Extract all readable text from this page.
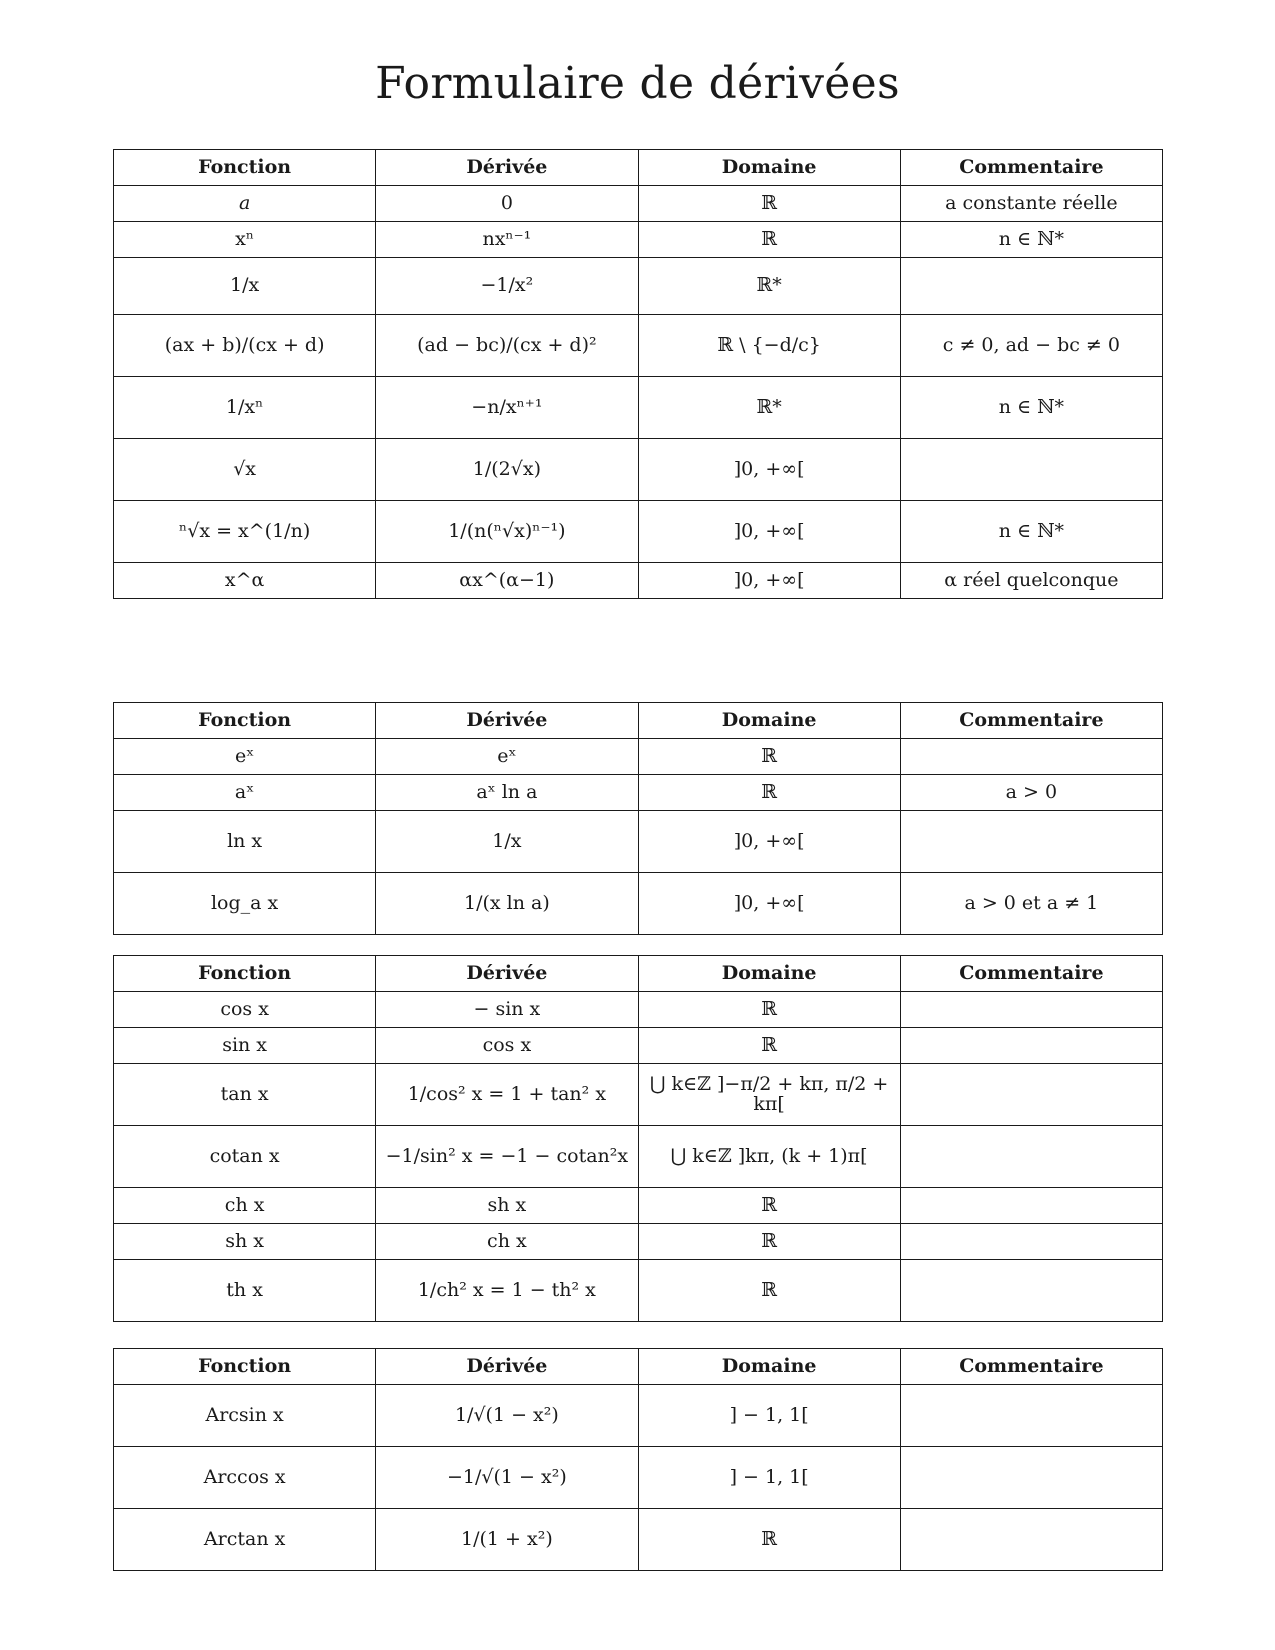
Formulaire de dérivées
Fonction	Dérivée	Domaine	Commentaire
a	0	ℝ	a constante réelle
xⁿ	nxⁿ⁻¹	ℝ	n ∈ ℕ*
1/x	−1/x²	ℝ*	
(ax + b)/(cx + d)	(ad − bc)/(cx + d)²	ℝ \ {−d/c}	c ≠ 0, ad − bc ≠ 0
1/xⁿ	−n/xⁿ⁺¹	ℝ*	n ∈ ℕ*
√x	1/(2√x)	]0, +∞[	
ⁿ√x = x^(1/n)	1/(n(ⁿ√x)ⁿ⁻¹)	]0, +∞[	n ∈ ℕ*
x^α	αx^(α−1)	]0, +∞[	α réel quelconque
Fonction	Dérivée	Domaine	Commentaire
eˣ	eˣ	ℝ	
aˣ	aˣ ln a	ℝ	a > 0
ln x	1/x	]0, +∞[	
log_a x	1/(x ln a)	]0, +∞[	a > 0 et a ≠ 1
Fonction	Dérivée	Domaine	Commentaire
cos x	− sin x	ℝ	
sin x	cos x	ℝ	
tan x	1/cos² x = 1 + tan² x	⋃ k∈ℤ ]−π/2 + kπ, π/2 + kπ[	
cotan x	−1/sin² x = −1 − cotan²x	⋃ k∈ℤ ]kπ, (k + 1)π[	
ch x	sh x	ℝ	
sh x	ch x	ℝ	
th x	1/ch² x = 1 − th² x	ℝ	
Fonction	Dérivée	Domaine	Commentaire
Arcsin x	1/√(1 − x²)	] − 1, 1[	
Arccos x	−1/√(1 − x²)	] − 1, 1[	
Arctan x	1/(1 + x²)	ℝ	
